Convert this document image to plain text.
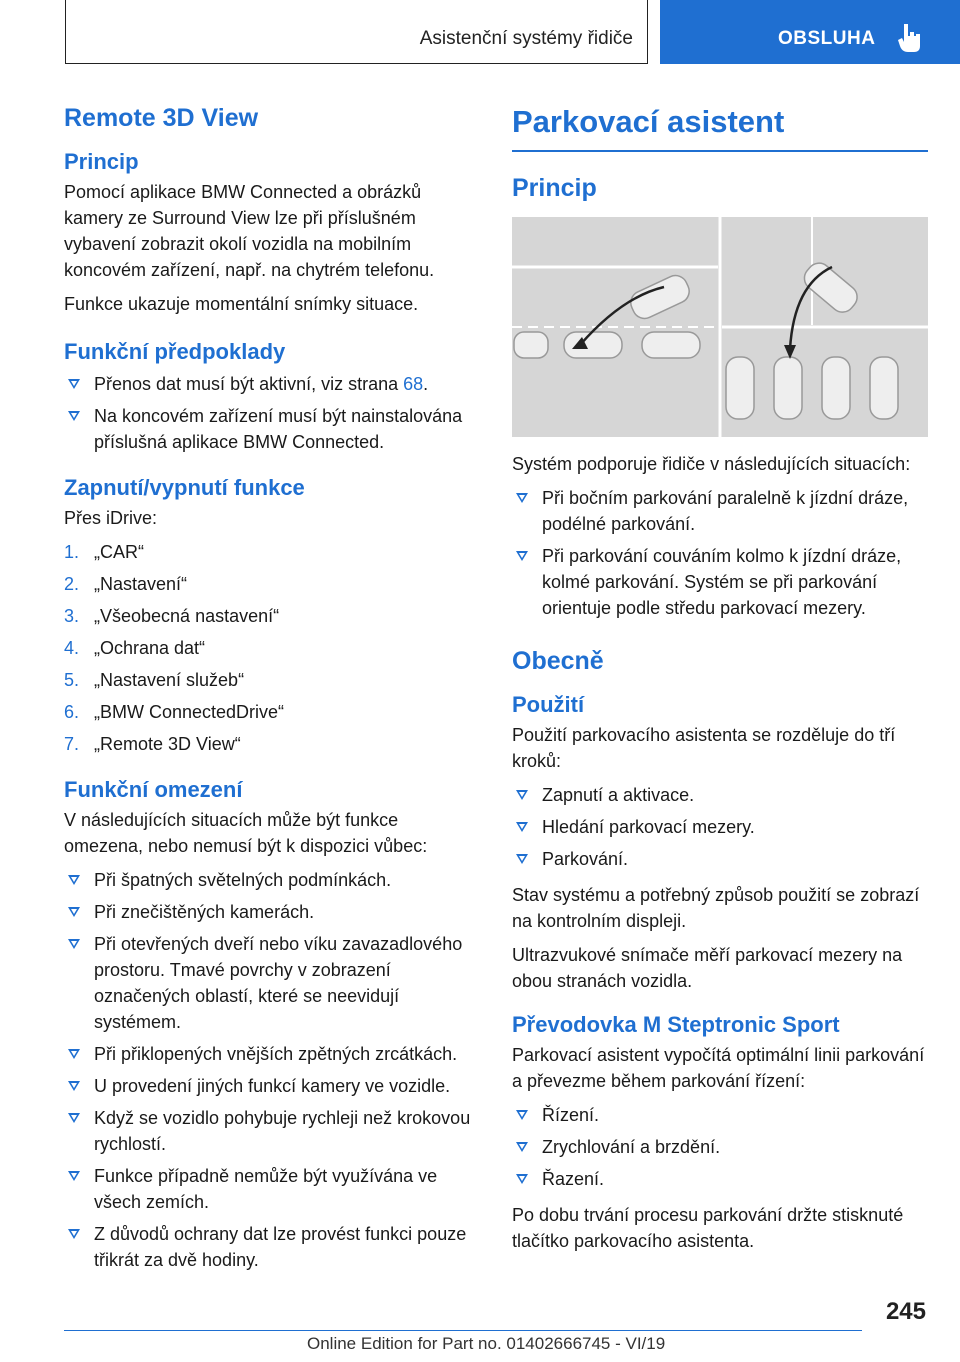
Asistenční systémy řidiče	OBSLUHA
Remote 3D View
Princip

Pomocí aplikace BMW Connected a obrázků kamery ze Surround View lze při příslušném vybavení zobrazit okolí vozidla na mobilním koncovém zařízení, např. na chytrém telefonu.

Funkce ukazuje momentální snímky situace.

Funkční předpoklady
Přenos dat musí být aktivní, viz strana 68.
Na koncovém zařízení musí být nainstalována příslušná aplikace BMW Connected.
Zapnutí/vypnutí funkce

Přes iDrive:

1. „CAR“
2. „Nastavení“
3. „Všeobecná nastavení“
4. „Ochrana dat“
5. „Nastavení služeb“
6. „BMW ConnectedDrive“
7. „Remote 3D View“
Funkční omezení

V následujících situacích může být funkce omezena, nebo nemusí být k dispozici vůbec:

Při špatných světelných podmínkách.
Při znečištěných kamerách.
Při otevřených dveří nebo víku zavazadlového prostoru. Tmavé povrchy v zobrazení označených oblastí, které se neevidují systémem.
Při přiklopených vnějších zpětných zrcátkách.
U provedení jiných funkcí kamery ve vozidle.
Když se vozidlo pohybuje rychleji než krokovou rychlostí.
Funkce případně nemůže být využívána ve všech zemích.
Z důvodů ochrany dat lze provést funkci pouze třikrát za dvě hodiny.
Parkovací asistent
Princip

Systém podporuje řidiče v následujících situacích:

Při bočním parkování paralelně k jízdní dráze, podélné parkování.
Při parkování couváním kolmo k jízdní dráze, kolmé parkování. Systém se při parkování orientuje podle středu parkovací mezery.
Obecně
Použití

Použití parkovacího asistenta se rozděluje do tří kroků:

Zapnutí a aktivace.
Hledání parkovací mezery.
Parkování.

Stav systému a potřebný způsob použití se zobrazí na kontrolním displeji.

Ultrazvukové snímače měří parkovací mezery na obou stranách vozidla.

Převodovka M Steptronic Sport

Parkovací asistent vypočítá optimální linii parkování a převezme během parkování řízení:

Řízení.
Zrychlování a brzdění.
Řazení.

Po dobu trvání procesu parkování držte stisknuté tlačítko parkovacího asistenta.

245
Online Edition for Part no. 01402666745 - VI/19
